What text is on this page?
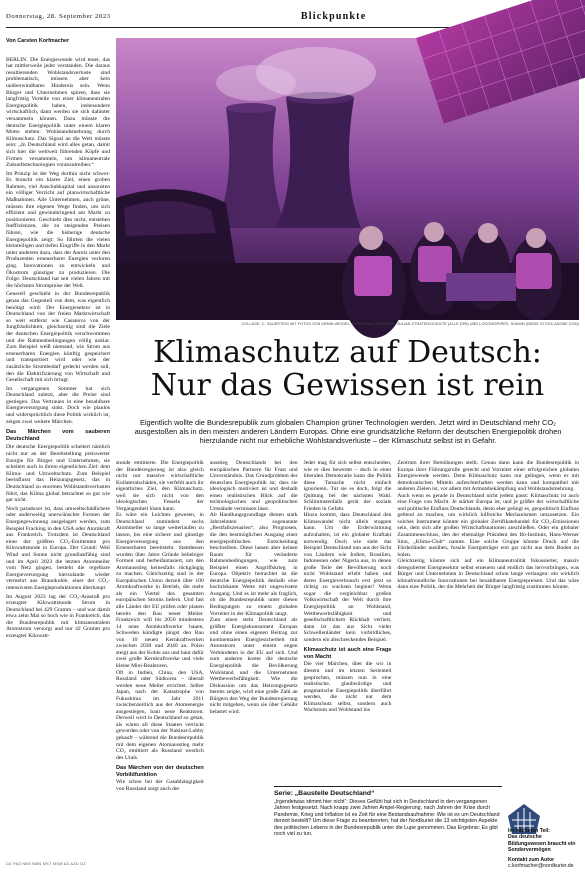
Donnerstag, 28. September 2023	Blickpunkte
Von Carsten Korfmacher

BERLIN. Die Energiewende wird teuer, das hat mittlerweile jeder verstanden. Die daraus resultierenden Wohlstandsverluste sind problematisch, müssen aber kein unüberwindbares Hindernis sein. Wenn Bürger und Unternehmen spüren, dass sie langfristig Vorteile von einer klimaneutralen Energiepolitik haben, insbesondere wirtschaftlich, dann werden sie sich dahinter versammeln können. Dazu müsste die deutsche Energiepolitik unter einem klaren Motto stehen: Wohlstandsmehrung durch Klimaschutz. Das Signal an die Welt müsste sein: „In Deutschland wird alles getan, damit sich hier die weltweit führenden Köpfe und Firmen versammeln, um klimaneutrale Zukunftstechnologien voranzutreiben.“

Im Prinzip ist der Weg dorthin nicht schwer: Es braucht ein klares Ziel, einen groben Rahmen, viel Anschubkapital und ansonsten ein völliger Verzicht auf planwirtschaftliche Maßnahmen. Alle Unternehmen, auch grüne, müssen ihre eigenen Wege finden, um sich effizient und gewinnbringend am Markt zu positionieren. Geschieht dies nicht, entstehen Ineffizienzen, die zu steigenden Preisen führen, wie die bisherige deutsche Energiepolitik zeigt: So führten die vielen kleinteiligen und tiefen Eingriffe in den Markt unter anderem dazu, dass der Anreiz unter den Produzenten erneuerbarer Energien verloren ging. Innovationen zu entwickeln und Ökostrom günstiger zu produzieren. Die Folge: Deutschland hat seit vielen Jahren mit die höchsten Strompreise der Welt.

Generell geschieht in der Bundesrepublik genau das Gegenteil von dem, was eigentlich benötigt wird: Der Energiesektor ist in Deutschland von der freien Marktwirtschaft so weit entfernt wie Casanova von der Jungfräulichkeit, gleichzeitig sind die Ziele der deutschen Energiepolitik verschwommen und die Rahmenbedingungen völlig unklar. Zum Beispiel weiß niemand, wie Strom aus erneuerbaren Energien künftig gespeichert und transportiert wird oder wie der zusätzliche Strombedarf gedeckt werden soll, den die Elektrifizierung von Wirtschaft und Gesellschaft mit sich bringt.

Im vergangenen Sommer hat sich Deutschland zuletzt, aber die Preise sind gestiegen. Das Vertrauen in eine bezahlbare Energieversorgung sinkt. Doch wie planlos und widersprüchlich diese Politik wirklich ist, zeigen zwei weitere Märchen.

Das Märchen vom sauberen Deutschland

Die deutsche Energiepolitik scheitert nämlich nicht nur an der Bereitstellung preiswerter Energie für Bürger und Unternehmen, sie scheitert auch in ihrem eigentlichen Ziel: dem Klima- und Umweltschutz. Zum Beispiel beeinflusst das Heizungsgesetz, das in Deutschland zu enormen Wohlstandsverlusten führt, das Klima global betrachtet so gut wie gar nicht.

Noch paradoxer ist, dass umweltschädlichere oder anderweitig unerwünschte Formen der Energiegewinnung ausgelagert werden, zum Beispiel Fracking in den USA oder Atomkraft aus Frankreich. Trotzdem ist Deutschland einer der größten CO₂-Emittenten pro Kilowattstunde in Europa. Der Grund: Weil Wind und Sonne nicht grundlastfähig sind und im April 2023 die letzten Atommeiler vom Netz gingen, besteht die regelbare Energieversorgung hierzulande wieder vermehrt aus Braunkohle, einer der CO₂-intensivsten Energieproduktionen überhaupt.

Im August 2023 lag der CO₂-Ausstoß pro erzeugter Kilowattstunde Strom in Deutschland bei 429 Gramm – und war damit etwa zehn Mal so hoch wie in Frankreich, das die Bundesrepublik mit klimaneutralem Atomstrom versorgt und nur 42 Gramm pro erzeugter Kilowatt-

COLLAGE: C. SAUERTEIG MIT FOTOS VON ARMIN WEIGEL, CHRISTIAN CHARISIUS, JULIAN STRATENSCHULTE (ALLE DPA) UND LOGOINSPIRES, SHAMM (BEIDE STOCK.ADOBE.COM)
Klimaschutz auf Deutsch:
Nur das Gewissen ist rein
Eigentlich wollte die Bundesrepublik zum globalen Champion grüner Technologien werden. Jetzt wird in Deutschland mehr CO₂ ausgestoßen als in den meisten anderen Ländern Europas. Ohne eine grundsätzliche Reform der deutschen Energiepolitik drohen hierzulande nicht nur erhebliche Wohlstandsverluste – der Klimaschutz selbst ist in Gefahr.

stunde emittierte. Die Energiepolitik der Bundesregierung ist also gleich nicht nur massive wirtschaftliche Kollateralschäden, sie verfehlt auch ihr eigentliches Ziel, den Klimaschutz, weil sie sich nicht von den ideologischen Fesseln der Vergangenheit lösen kann.

Es wäre ein Leichtes gewesen, in Deutschland zumindest sechs Atommeiler so lange weiterlaufen zu lassen, bis eine sichere und günstige Energieversorgung aus den Erneuerbaren bereitsteht. Stattdessen wurden über Jahre Gründe beliebiger Formen und herbeifantasiert, um den Atomausstieg keinesfalls rückgängig zu machen. Gleichzeitig sind in der Europäischen Union derzeit über 100 Atomkraftwerke in Betrieb, die mehr als ein Viertel des gesamten europäischen Stroms liefern. Und fast alle Länder der EU prüfen oder planen bereits den Bau neuer Meiler. Frankreich will bis 2050 mindestens 14 neue Atomkraftwerke bauen, Schweden kündigte jüngst den Bau von 10 neuen Kernkraftwerken zwischen 2030 und 2040 an. Polen steigt aus der Kohle aus und baut dafür zwei große Kernkraftwerke und viele kleine Mini-Reaktoren.

Oft in Indien, China, den USA, Russland oder Südkorea – überall werden neue Meiler errichtet. Selbst Japan, nach der Katastrophe von Fukushima im Jahr 2011 zwischenzeitlich aus der Atomenergie ausgestiegen, baut neue Reaktoren. Derweil wird in Deutschland so getan, als wären all diese Staaten verrückt geworden oder von der Nuklear-Lobby gekauft – während die Bundesrepublik mit dem eigenen Atomausstieg mehr CO₂ emittiert als Russland westlich des Urals.

Das Märchen von der deutschen Vorbildfunktion

Wie schon bei der Gasabhängigkeit von Russland sorgt auch der

ausstieg Deutschlands bei den europäischen Partnern für Frust und Unverständnis. Das Grundproblem der deutschen Energiepolitik ist, dass sie ideologisch motiviert ist und deshalb einen realistischen Blick auf die technologischen und geopolitischen Umstände vermissen lässt.

Ab Handlungsgrundlage dienen stark Jahrzehnten sogenannte „Bestfallszenarien“, also Prognosen, die den bestmöglichen Ausgang einer energiepolitischen Entscheidung beschreiben. Diese lassen aber keinen Raum für veränderte Rahmenbedingungen, wie zum Beispiel einen Angriffskrieg in Europa. Objektiv betrachtet ist die deutsche Energiepolitik deshalb eine hochriskante Wette mit ungewissem Ausgang. Und es ist mehr als fraglich, ob die Bundesrepublik unter diesen Bedingungen zu einem globalen Vorreiter in der Klimapolitik taugt.

Zum einen steht Deutschland als größter Energiekonsument Europas und ohne einen eigenen Beitrag zur kontinentalen Energiesicherheit mit Atomstrom unter einem engen Verbündeten in der EU auf sich. Und zum anderen kostet die deutsche Energiepolitik die Bevölkerung Wohlstand und die Unternehmen Wettbewerbsfähigkeit. Wie die Diskussion um das Heizungsgesetz bereits zeigte, wird eine große Zahl an Bürgern den Weg der Bundesregierung nicht mitgehen, wenn sie über Gebühr belastet wird.

Jeder mag für sich selbst entscheiden, wie er dies bewertet – doch in einer liberalen Demokratie kann die Politik diese Tatsache nicht einfach ignorieren. Tut sie es doch, folgt die Quittung bei der nächsten Wahl. Schlimmstenfalls gerät der soziale Frieden in Gefahr.

Hinzu kommt, dass Deutschland den Klimawandel nicht allein stoppen kann. Um die Erderwärmung aufzuhalten, ist ein globaler Kraftakt notwendig. Doch wie sieht das Beispiel Deutschland nun aus der Sicht von Ländern wie Indien, Brasilien, Indonesien oder Nigeria aus, in denen große Teile der Bevölkerung noch nicht Wohlstand erlebt haben und deren Energieverbrauch erst jetzt so richtig zu wachsen beginnt? Wenn sogar die vergleichbar großen Volkswirtschaft der Welt durch ihre Energiepolitik an Wohlstand, Wettbewerbsfähigkeit und gesellschaftlichem Rückhalt verliert, dann ist das aus Sicht vieler Schwellenländer kein vorbildliches, sondern ein abschreckendes Beispiel.

Klimaschutz ist auch eine Frage von Macht

Die vier Märchen, über die wir in diesem und im letzten Serienteil gesprochen, müssen nun in eine realistische, glaubwürdige und pragmatische Energiepolitik überführt werden, die nicht nur dem Klimaschutz selbst, sondern auch Wachstum und Wohlstand ins

Zentrum ihrer Bemühungen stellt. Genau dann kann die Bundesrepublik in Europa ihrer Führungsrolle gerecht und Vorreiter einer erfolgreichen globalen Energiewende werden. Denn Klimaschutz kann nur gelingen, wenn er mit demokratischen Mitteln aufrechterhalten werden kann und kompatibel mit anderen Zielen ist, vor allem mit Armutsbekämpfung und Wohlstandsmehrung.

Auch wenn es gerade in Deutschland nicht jedem passt: Klimaschutz ist auch eine Frage von Macht. Je stärker Europa ist, und je größer der wirtschaftliche und politische Einfluss Deutschlands, desto eher gelingt es, geopolitisch Einfluss geltend zu machen, um wirklich hilfreiche Mechanismen umzusetzen. Ein solches Instrument könnte ein globaler Zertifikatehandel für CO₂-Emissionen sein, dem sich alle großen Wirtschaftsnationen anschließen. Oder ein globaler Zusammenschluss, den der ehemalige Präsident des Ifo-Instituts, Hans-Werner Sinn, „Klima-Club“ nannte. Eine solche Gruppe könnte Druck auf die Förderländer ausüben, fossile Energieträger erst gar nicht aus dem Boden zu holen.

Gleichzeitig könnte sich auf ein Klimaneutralität fokussierter, massiv deregulierter Energiesektor selbst erneuern und endlich das hervorbringen, was Bürger und Unternehmen in Deutschland schon lange verlangen: ein wirklich klimafreundliche Innovationen bei bezahlbaren Energiepreisen. Und das wäre dann eine Politik, der die Mehrheit der Bürger langfristig zustimmen könnte.

Serie: „Baustelle Deutschland“
„Irgendetwas stimmt hier nicht“: Dieses Gefühl hat sich in Deutschland in den vergangenen Jahren festgesetzt. Nach knapp zwei Jahren Ampel-Regierung, nach Jahren der Krise durch Pandemie, Krieg und Inflation ist es Zeit für eine Bestandsaufnahme: Wie ist es um Deutschland derzeit bestellt? Um diese Frage zu beantworten, hat der Nordkurier die 13 wichtigsten Aspekte des politischen Lebens in der Bundesrepublik unter die Lupe genommen. Das Ergebnis: Es gibt noch viel zu tun.
Im nächsten Teil:
Das deutsche Bildungswesen braucht ein Sondervermögen
Kontakt zum Autor
c.korfmacher@nordkurier.de
DZ PAZ NBS NBN MST MSM AZ AZD DZ
